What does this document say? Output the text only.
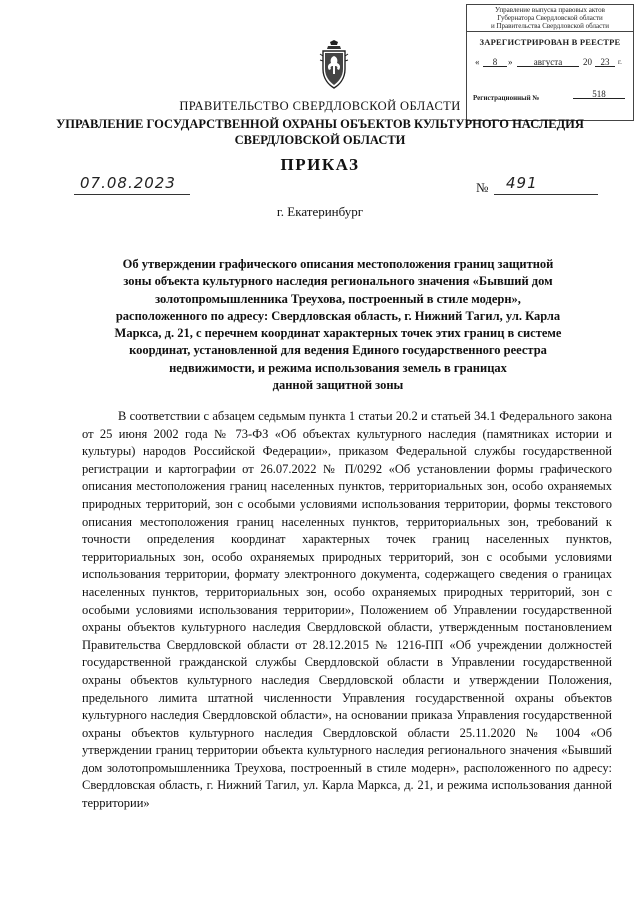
Управление выпуска правовых актов
Губернатора Свердловской области
и Правительства Свердловской области
ЗАРЕГИСТРИРОВАН В РЕЕСТРЕ
«	8	»	августа	20 23	г.
Регистрационный №	518
ПРАВИТЕЛЬСТВО СВЕРДЛОВСКОЙ ОБЛАСТИ
УПРАВЛЕНИЕ ГОСУДАРСТВЕННОЙ ОХРАНЫ ОБЪЕКТОВ КУЛЬТУРНОГО НАСЛЕДИЯ
СВЕРДЛОВСКОЙ ОБЛАСТИ
ПРИКАЗ
07.08.2023	№ 491
г. Екатеринбург
Об утверждении графического описания местоположения границ защитной
зоны объекта культурного наследия регионального значения «Бывший дом
золотопромышленника Треухова, построенный в стиле модерн»,
расположенного по адресу: Свердловская область, г. Нижний Тагил, ул. Карла
Маркса, д. 21, с перечнем координат характерных точек этих границ в системе
координат, установленной для ведения Единого государственного реестра
недвижимости, и режима использования земель в границах
данной защитной зоны
В соответствии с абзацем седьмым пункта 1 статьи 20.2 и статьей 34.1 Федерального закона от 25 июня 2002 года № 73-ФЗ «Об объектах культурного наследия (памятниках истории и культуры) народов Российской Федерации», приказом Федеральной службы государственной регистрации и картографии от 26.07.2022 № П/0292 «Об установлении формы графического описания местоположения границ населенных пунктов, территориальных зон, особо охраняемых природных территорий, зон с особыми условиями использования территории, формы текстового описания местоположения границ населенных пунктов, территориальных зон, требований к точности определения координат характерных точек границ населенных пунктов, территориальных зон, особо охраняемых природных территорий, зон с особыми условиями использования территории, формату электронного документа, содержащего сведения о границах населенных пунктов, территориальных зон, особо охраняемых природных территорий, зон с особыми условиями использования территории», Положением об Управлении государственной охраны объектов культурного наследия Свердловской области, утвержденным постановлением Правительства Свердловской области от 28.12.2015 № 1216-ПП «Об учреждении должностей государственной гражданской службы Свердловской области в Управлении государственной охраны объектов культурного наследия Свердловской области и утверждении Положения, предельного лимита штатной численности Управления государственной охраны объектов культурного наследия Свердловской области», на основании приказа Управления государственной охраны объектов культурного наследия Свердловской области 25.11.2020 № 1004 «Об утверждении границ территории объекта культурного наследия регионального значения «Бывший дом золотопромышленника Треухова, построенный в стиле модерн», расположенного по адресу: Свердловская область, г. Нижний Тагил, ул. Карла Маркса, д. 21, и режима использования данной территории»
